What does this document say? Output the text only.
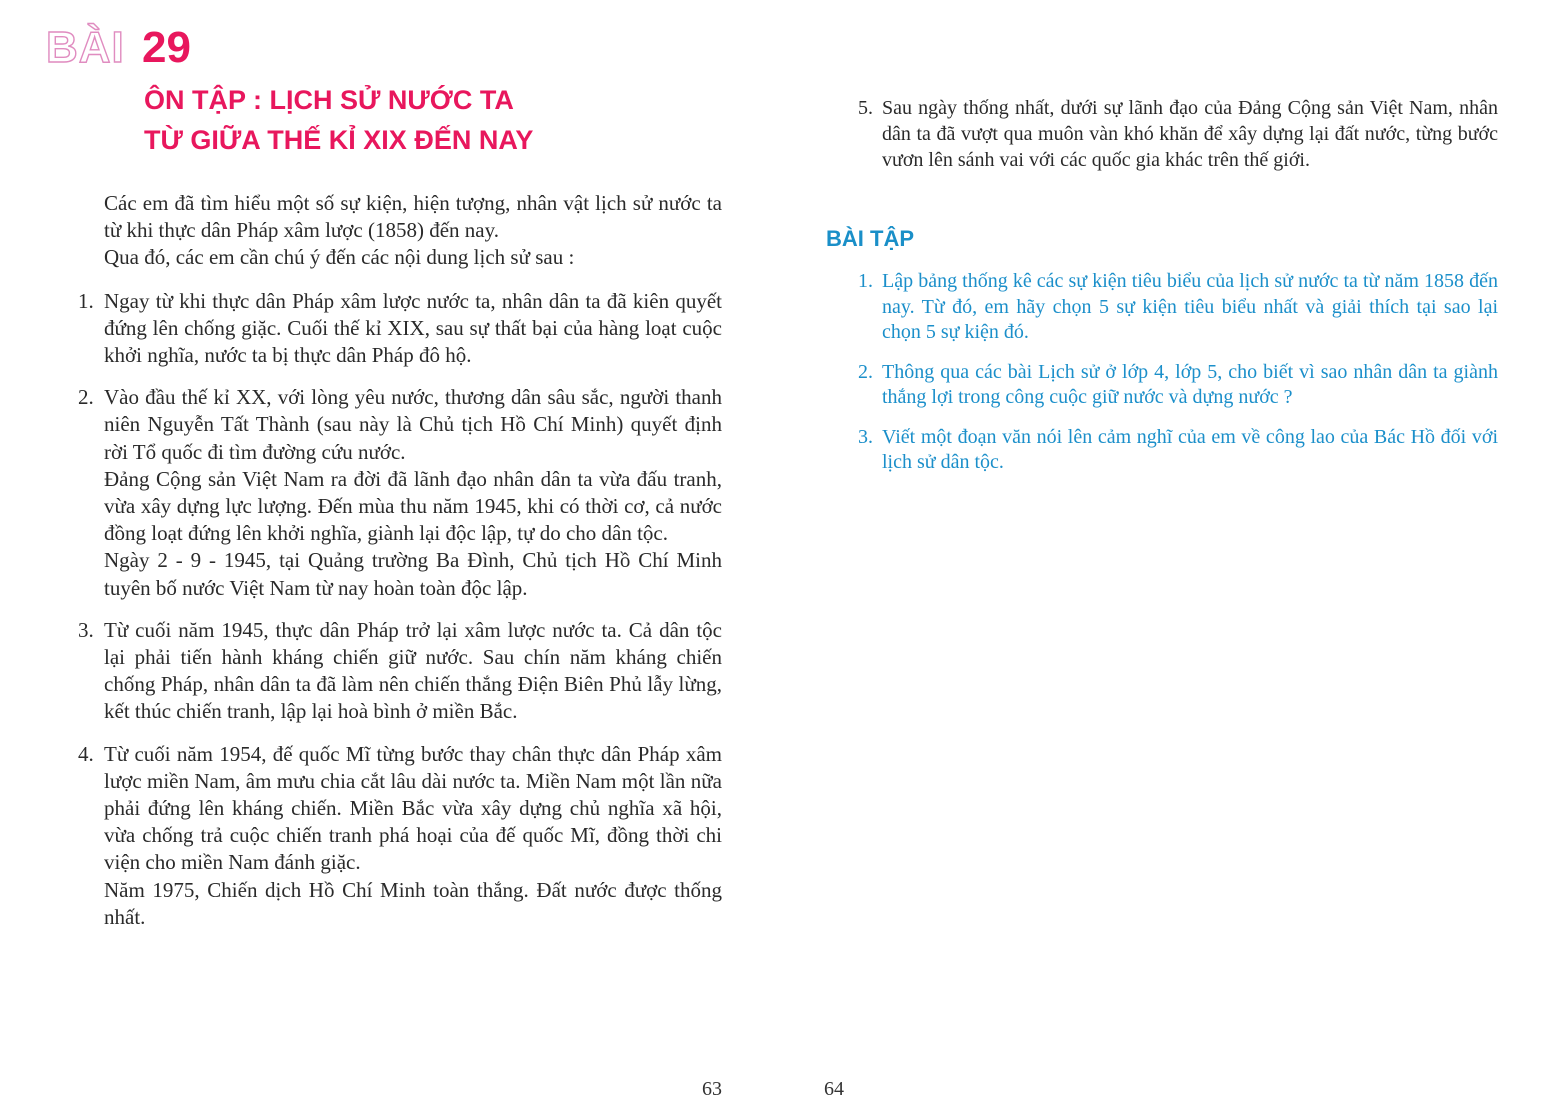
BÀI 29
ÔN TẬP : LỊCH SỬ NƯỚC TA
TỪ GIỮA THẾ KỈ XIX ĐẾN NAY

Các em đã tìm hiểu một số sự kiện, hiện tượng, nhân vật lịch sử nước ta từ khi thực dân Pháp xâm lược (1858) đến nay.

Qua đó, các em cần chú ý đến các nội dung lịch sử sau :

1. Ngay từ khi thực dân Pháp xâm lược nước ta, nhân dân ta đã kiên quyết đứng lên chống giặc. Cuối thế kỉ XIX, sau sự thất bại của hàng loạt cuộc khởi nghĩa, nước ta bị thực dân Pháp đô hộ.

2. Vào đầu thế kỉ XX, với lòng yêu nước, thương dân sâu sắc, người thanh niên Nguyễn Tất Thành (sau này là Chủ tịch Hồ Chí Minh) quyết định rời Tổ quốc đi tìm đường cứu nước.

Đảng Cộng sản Việt Nam ra đời đã lãnh đạo nhân dân ta vừa đấu tranh, vừa xây dựng lực lượng. Đến mùa thu năm 1945, khi có thời cơ, cả nước đồng loạt đứng lên khởi nghĩa, giành lại độc lập, tự do cho dân tộc.

Ngày 2 - 9 - 1945, tại Quảng trường Ba Đình, Chủ tịch Hồ Chí Minh tuyên bố nước Việt Nam từ nay hoàn toàn độc lập.

3. Từ cuối năm 1945, thực dân Pháp trở lại xâm lược nước ta. Cả dân tộc lại phải tiến hành kháng chiến giữ nước. Sau chín năm kháng chiến chống Pháp, nhân dân ta đã làm nên chiến thắng Điện Biên Phủ lẫy lừng, kết thúc chiến tranh, lập lại hoà bình ở miền Bắc.

4. Từ cuối năm 1954, đế quốc Mĩ từng bước thay chân thực dân Pháp xâm lược miền Nam, âm mưu chia cắt lâu dài nước ta. Miền Nam một lần nữa phải đứng lên kháng chiến. Miền Bắc vừa xây dựng chủ nghĩa xã hội, vừa chống trả cuộc chiến tranh phá hoại của đế quốc Mĩ, đồng thời chi viện cho miền Nam đánh giặc.

Năm 1975, Chiến dịch Hồ Chí Minh toàn thắng. Đất nước được thống nhất.

5. Sau ngày thống nhất, dưới sự lãnh đạo của Đảng Cộng sản Việt Nam, nhân dân ta đã vượt qua muôn vàn khó khăn để xây dựng lại đất nước, từng bước vươn lên sánh vai với các quốc gia khác trên thế giới.

BÀI TẬP
1. Lập bảng thống kê các sự kiện tiêu biểu của lịch sử nước ta từ năm 1858 đến nay. Từ đó, em hãy chọn 5 sự kiện tiêu biểu nhất và giải thích tại sao lại chọn 5 sự kiện đó.

2. Thông qua các bài Lịch sử ở lớp 4, lớp 5, cho biết vì sao nhân dân ta giành thắng lợi trong công cuộc giữ nước và dựng nước ?

3. Viết một đoạn văn nói lên cảm nghĩ của em về công lao của Bác Hồ đối với lịch sử dân tộc.

63	64
